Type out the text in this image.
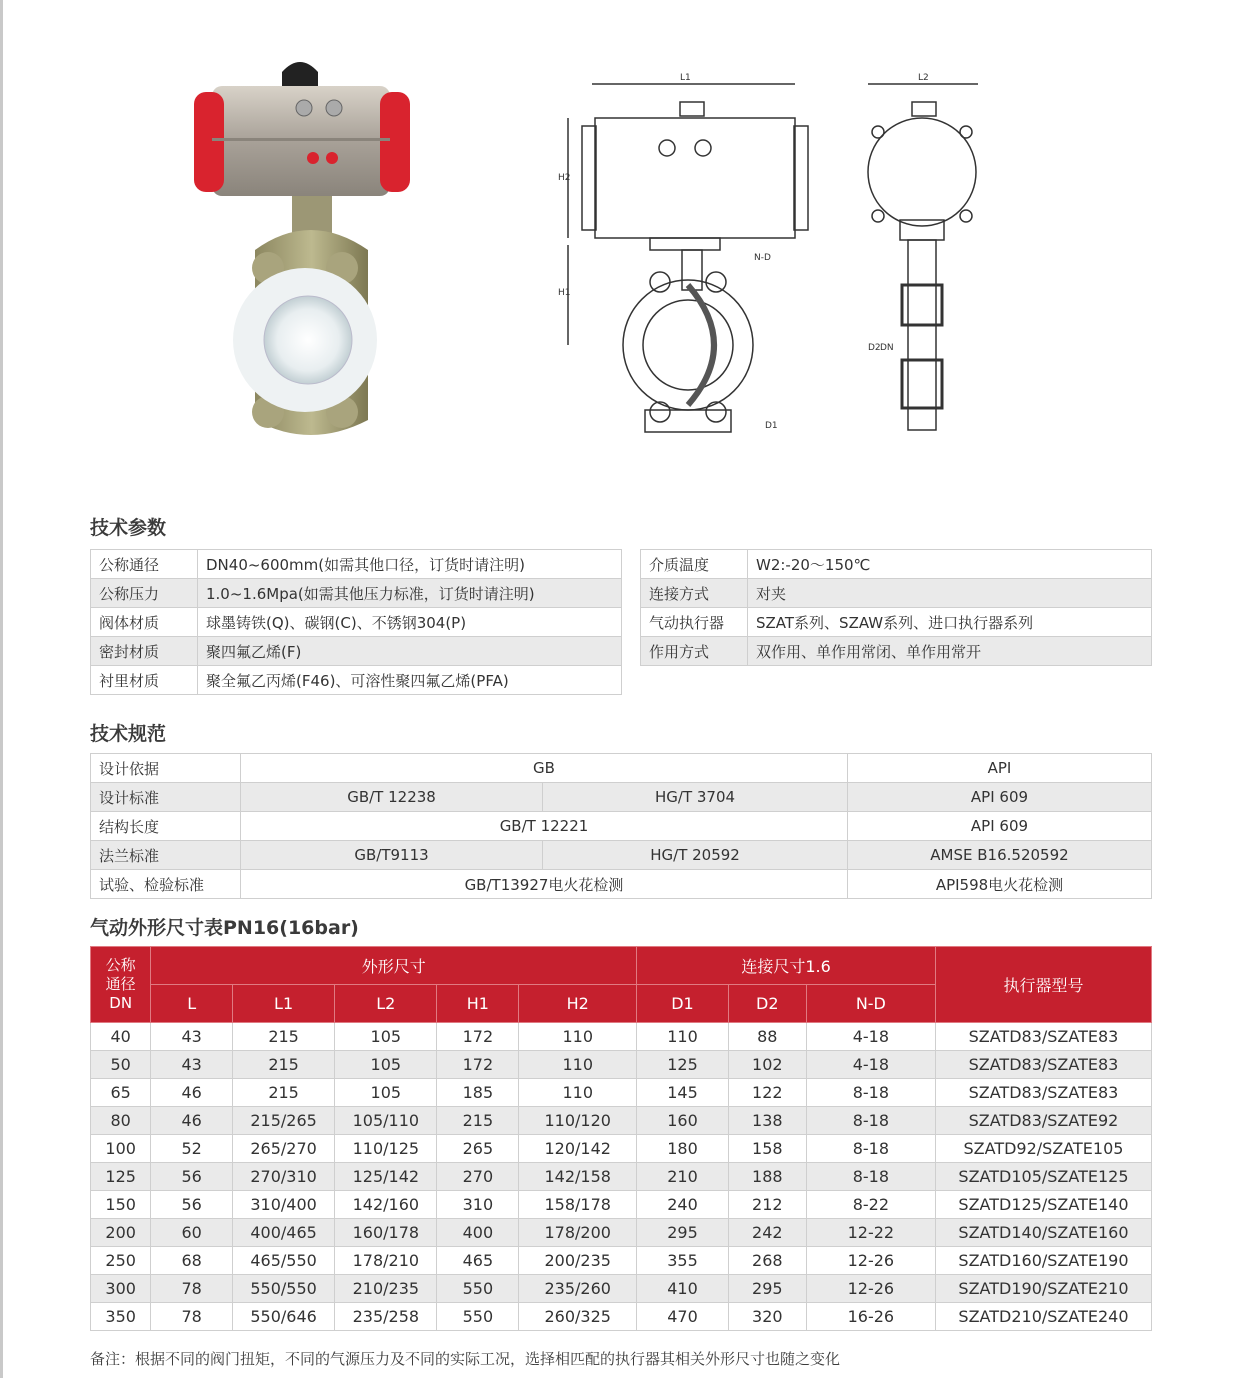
L1
H2
H1
N-D
D1
L2
D2 DN
技术参数
公称通径	DN40~600mm(如需其他口径，订货时请注明)
公称压力	1.0~1.6Mpa(如需其他压力标准，订货时请注明)
阀体材质	球墨铸铁(Q)、碳钢(C)、不锈钢304(P)
密封材质	聚四氟乙烯(F)
衬里材质	聚全氟乙丙烯(F46)、可溶性聚四氟乙烯(PFA)
介质温度	W2:-20～150℃
连接方式	对夹
气动执行器	SZAT系列、SZAW系列、进口执行器系列
作用方式	双作用、单作用常闭、单作用常开
技术规范
设计依据	GB		API
设计标准	GB/T 12238	HG/T 3704	API 609
结构长度	GB/T 12221		API 609
法兰标准	GB/T9113	HG/T 20592	AMSE B16.520592
试验、检验标准	GB/T13927电火花检测		API598电火花检测
气动外形尺寸表PN16(16bar)
公称
通径
DN	外形尺寸					连接尺寸1.6			执行器型号
	L	L1	L2	H1	H2	D1	D2	N-D	
40	43	215	105	172	110	110	88	4-18	SZATD83/SZATE83
50	43	215	105	172	110	125	102	4-18	SZATD83/SZATE83
65	46	215	105	185	110	145	122	8-18	SZATD83/SZATE83
80	46	215/265	105/110	215	110/120	160	138	8-18	SZATD83/SZATE92
100	52	265/270	110/125	265	120/142	180	158	8-18	SZATD92/SZATE105
125	56	270/310	125/142	270	142/158	210	188	8-18	SZATD105/SZATE125
150	56	310/400	142/160	310	158/178	240	212	8-22	SZATD125/SZATE140
200	60	400/465	160/178	400	178/200	295	242	12-22	SZATD140/SZATE160
250	68	465/550	178/210	465	200/235	355	268	12-26	SZATD160/SZATE190
300	78	550/550	210/235	550	235/260	410	295	12-26	SZATD190/SZATE210
350	78	550/646	235/258	550	260/325	470	320	16-26	SZATD210/SZATE240
备注：根据不同的阀门扭矩，不同的气源压力及不同的实际工况，选择相匹配的执行器其相关外形尺寸也随之变化
